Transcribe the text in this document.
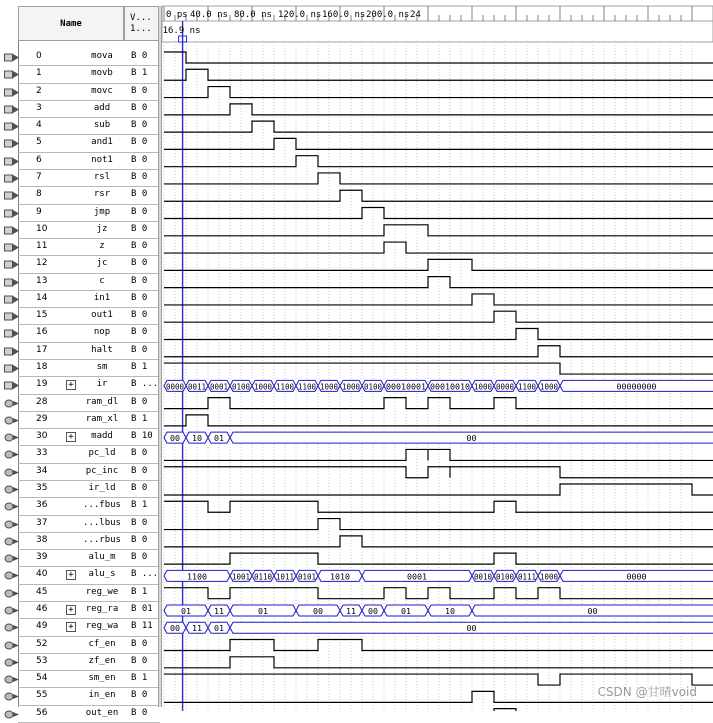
Name
V...
1...
0	mova	B 0
1	movb	B 1
2	movc	B 0
3	add	B 0
4	sub	B 0
5	and1	B 0
6	not1	B 0
7	rsl	B 0
8	rsr	B 0
9	jmp	B 0
10	jz	B 0
11	z	B 0
12	jc	B 0
13	c	B 0
14	in1	B 0
15	out1	B 0
16	nop	B 0
17	halt	B 0
18	sm	B 1
19 +	ir	B ...
28	ram_dl	B 0
29	ram_xl	B 1
30 +	madd	B 10
33	pc_ld	B 0
34	pc_inc	B 0
35	ir_ld	B 0
36	...fbus	B 1
37	...lbus	B 0
38	...rbus	B 0
39	alu_m	B 0
40 +	alu_s	B ...
45	reg_we	B 1
46 +	reg_ra	B 01
49 +	reg_wa	B 11
52	cf_en	B 0
53	zf_en	B 0
54	sm_en	B 1
55	in_en	B 0
56	out_en	B 0
0 ps 40.0 ns 80.0 ns 120.0 ns 160.0 ns 200.0 ns 24
16.9 ns
0000 0011 0001 0100 1000 1100 1100 1000 1000 0100 00010001 00010010 1000 0000 1100 1000	00000000
00 10 01	00
1100	1001 0110 1011 0101 1010	0001	0010 0100 0111 1000	0000
01	11	01	00	11 00	01	10	00
00 11 01	00
CSDN @甘晴void
